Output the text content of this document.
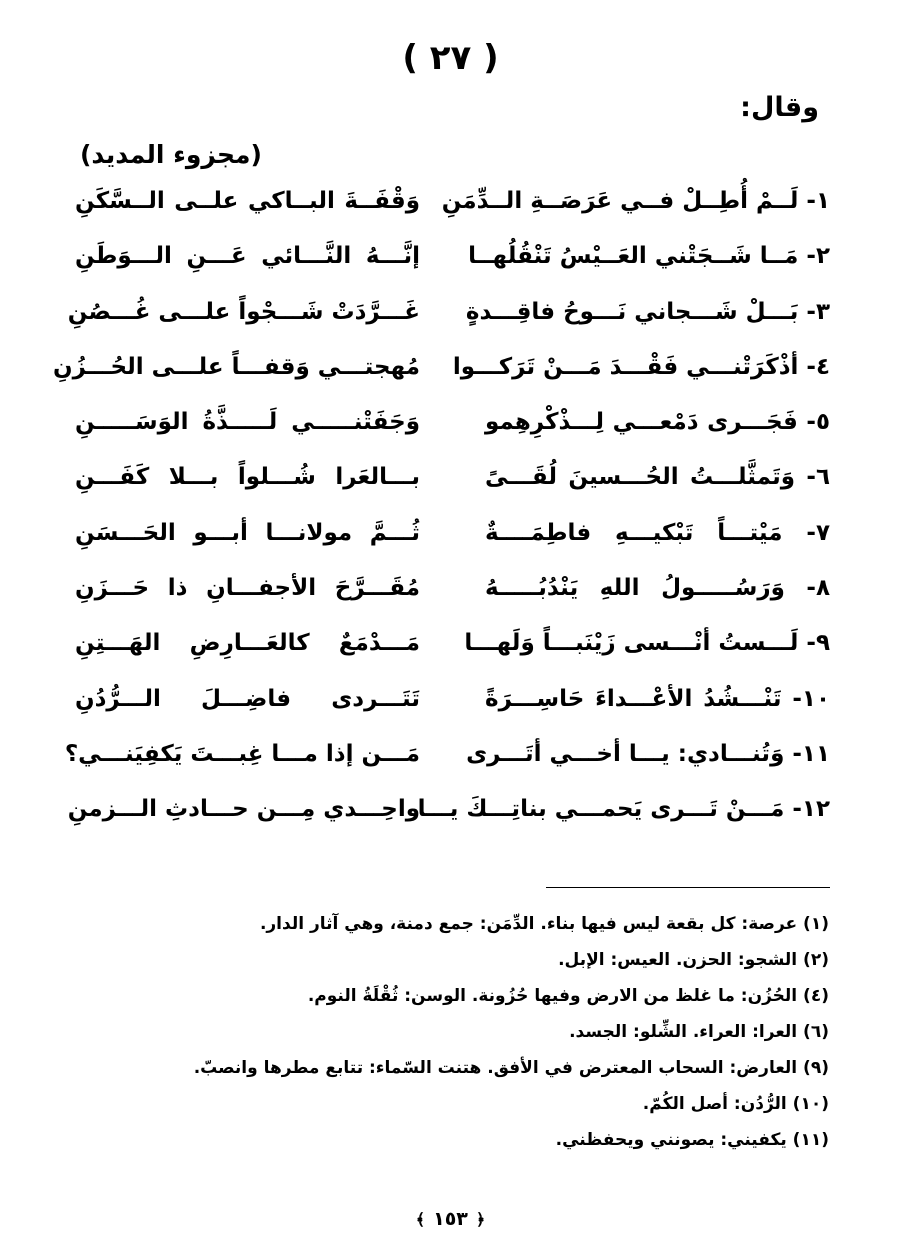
( ٢٧ )
وقال:
(مجزوء المديد)
١- لَــمْ أُطِــلْ فــي عَرَصَــةِ الــدِّمَنِ
وَقْفَــةَ البــاكي علــى الــسَّكَنِ
٢- مَــا شَــجَتْني العَــيْسُ تَنْقُلُهــا
إنَّـــهُ النَّـــائي عَـــنِ الـــوَطَنِ
٣- بَـــلْ شَـــجاني نَـــوحُ فاقِـــدةٍ
غَـــرَّدَتْ شَـــجْواً علـــى غُـــصُنِ
٤- أذْكَرَتْنـــي فَقْـــدَ مَـــنْ تَرَكـــوا
مُهجتـــي وَقفـــاً علـــى الحُـــزُنِ
٥- فَجَـــرى دَمْعـــي لِـــذْكْرِهِمو
وَجَفَتْنـــــي لَـــــذَّةُ الوَسَـــــنِ
٦- وَتَمثَّلـــتُ الحُـــسينَ لُقَـــىً
بـــالعَرا شُـــلواً بـــلا كَفَـــنِ
٧- مَيْتـــاً تَبْكيـــهِ فاطِمَــــةٌ
ثُـــمَّ مولانـــا أبـــو الحَـــسَنِ
٨- وَرَسُـــــولُ اللهِ يَنْدُبُـــــهُ
مُقَـــرَّحَ الأجفـــانِ ذا حَـــزَنِ
٩- لَـــستُ أنْـــسى زَيْنَبـــاً وَلَهـــا
مَـــدْمَعٌ كالعَـــارِضِ الهَـــتِنِ
١٠- تَنْـــشُدُ الأعْـــداءَ حَاسِـــرَةً
تَتَـــردى فاضِـــلَ الـــرُّدُنِ
١١- وَتُنـــادي: يـــا أخـــي أتَـــرى
مَـــن إذا مـــا غِبـــتَ يَكفِيَنـــي؟
١٢- مَـــنْ تَـــرى يَحمـــي بناتِـــكَ يـــا
واحِـــدي مِـــن حـــادثِ الـــزمنِ
(١) عرصة: كل بقعة ليس فيها بناء. الدِّمَن: جمع دمنة، وهي آثار الدار.
(٢) الشجو: الحزن. العيس: الإبل.
(٤) الحُزُن: ما غلظ من الارض وفيها حُزُونة. الوسن: ثُقْلَةُ النوم.
(٦) العرا: العراء. الشِّلو: الجسد.
(٩) العارض: السحاب المعترض في الأفق. هتنت السّماء: تتابع مطرها وانصبّ.
(١٠) الرُّدُن: أصل الكُمّ.
(١١) يكفيني: يصونني ويحفظني.
﴾ ١٥٣ ﴿
